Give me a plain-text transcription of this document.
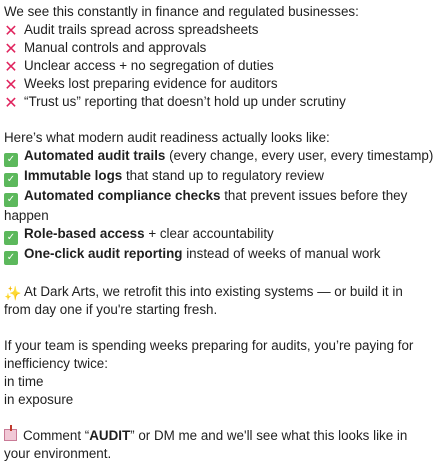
We see this constantly in finance and regulated businesses:
✕ Audit trails spread across spreadsheets
✕ Manual controls and approvals
✕ Unclear access + no segregation of duties
✕ Weeks lost preparing evidence for auditors
✕ “Trust us” reporting that doesn’t hold up under scrutiny
Here’s what modern audit readiness actually looks like:
✓ Automated audit trails (every change, every user, every timestamp)
✓ Immutable logs that stand up to regulatory review
✓ Automated compliance checks that prevent issues before they happen
✓ Role-based access + clear accountability
✓ One-click audit reporting instead of weeks of manual work
✨ At Dark Arts, we retrofit this into existing systems — or build it in from day one if you're starting fresh.
If your team is spending weeks preparing for audits, you’re paying for inefficiency twice:
in time
in exposure
Comment “AUDIT” or DM me and we'll see what this looks like in your environment.
